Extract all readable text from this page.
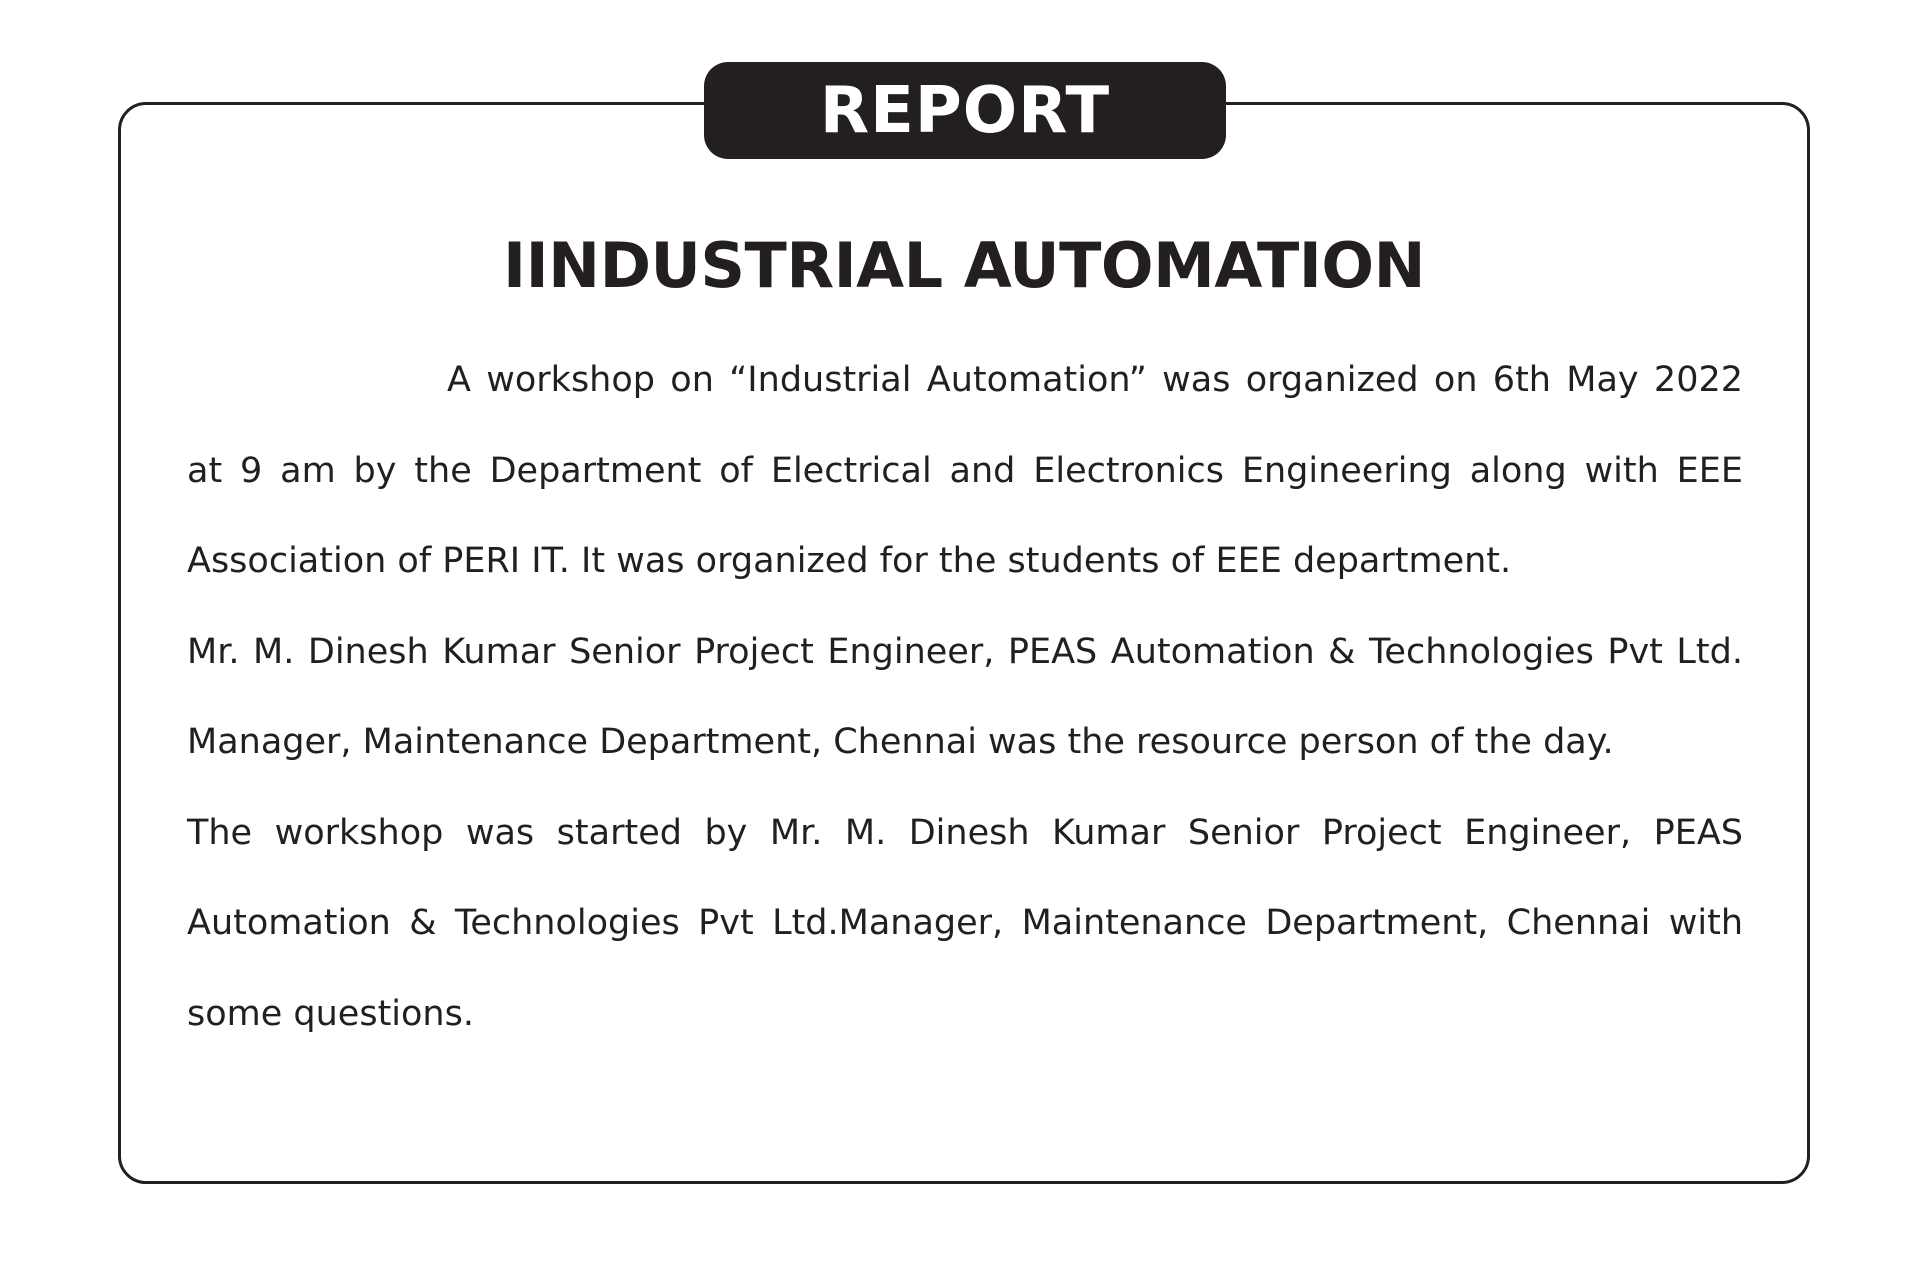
REPORT
IINDUSTRIAL AUTOMATION

A workshop on “Industrial Automation” was organized on 6th May 2022 at 9 am by the Department of Electrical and Electronics Engineering along with EEE Association of PERI IT. It was organized for the students of EEE department.

Mr. M. Dinesh Kumar Senior Project Engineer, PEAS Automation & Technologies Pvt Ltd. Manager, Maintenance Department, Chennai was the resource person of the day.

The workshop was started by Mr. M. Dinesh Kumar Senior Project Engineer, PEAS Automation & Technologies Pvt Ltd.Manager, Maintenance Department, Chennai with some questions.
